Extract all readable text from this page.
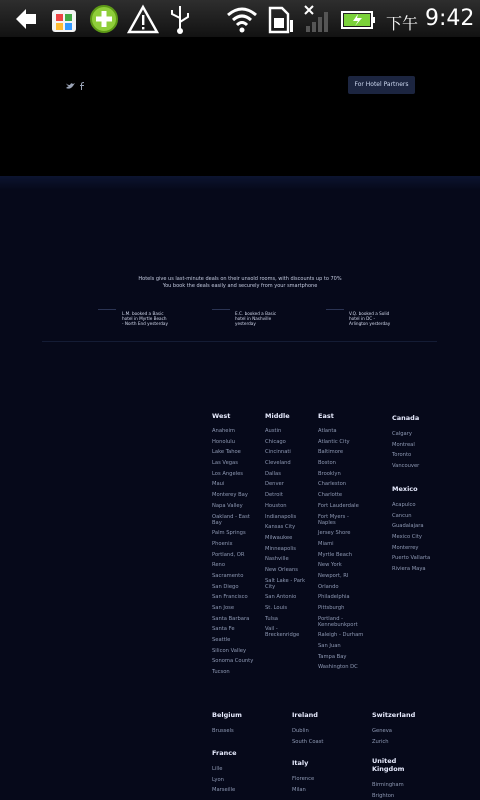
下午 9:42

For Hotel Partners
Hotels give us last-minute deals on their unsold rooms, with discounts up to 70%
You book the deals easily and securely from your smartphone
L.M. booked a Basic hotel in Myrtle Beach - North End yesterday
E.C. booked a Basic hotel in Nashville yesterday
V.Q. booked a Solid hotel in DC - Arlington yesterday
West
Anaheim
Honolulu
Lake Tahoe
Las Vegas
Los Angeles
Maui
Monterey Bay
Napa Valley
Oakland - East Bay
Palm Springs
Phoenix
Portland, OR
Reno
Sacramento
San Diego
San Francisco
San Jose
Santa Barbara
Santa Fe
Seattle
Silicon Valley
Sonoma County
Tucson
Middle
Austin
Chicago
Cincinnati
Cleveland
Dallas
Denver
Detroit
Houston
Indianapolis
Kansas City
Milwaukee
Minneapolis
Nashville
New Orleans
Salt Lake - Park City
San Antonio
St. Louis
Tulsa
Vail - Breckenridge
East
Atlanta
Atlantic City
Baltimore
Boston
Brooklyn
Charleston
Charlotte
Fort Lauderdale
Fort Myers - Naples
Jersey Shore
Miami
Myrtle Beach
New York
Newport, RI
Orlando
Philadelphia
Pittsburgh
Portland - Kennebunkport
Raleigh - Durham
San Juan
Tampa Bay
Washington DC
Canada
Calgary
Montreal
Toronto
Vancouver
Mexico
Acapulco
Cancun
Guadalajara
Mexico City
Monterrey
Puerto Vallarta
Riviera Maya
Belgium
Brussels
Ireland
Dublin
South Coast
Switzerland
Geneva
Zurich
France
Lille
Lyon
Marseille
Italy
Florence
Milan
United Kingdom
Birmingham
Brighton
